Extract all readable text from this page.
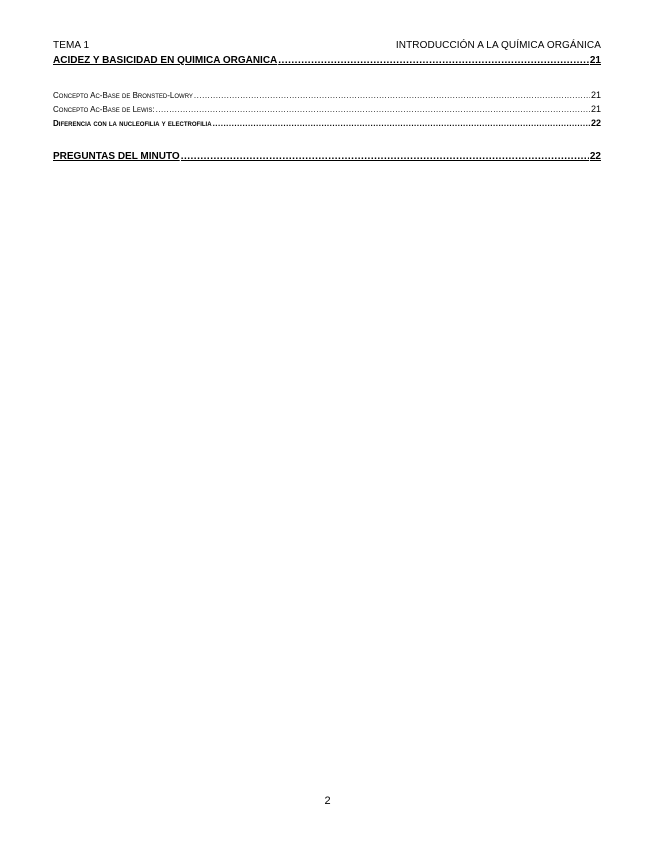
TEMA 1	INTRODUCCIÓN A LA QUÍMICA ORGÁNICA
ACIDEZ Y BASICIDAD EN QUÍMICA ORGÁNICA .....	21
Concepto Ac-Base de Bronsted-Lowry .....	21
Concepto Ac-Base de Lewis: .....	21
Diferencia con la nucleofilia y electrofilia .....	22
PREGUNTAS DEL MINUTO .....	22
2
